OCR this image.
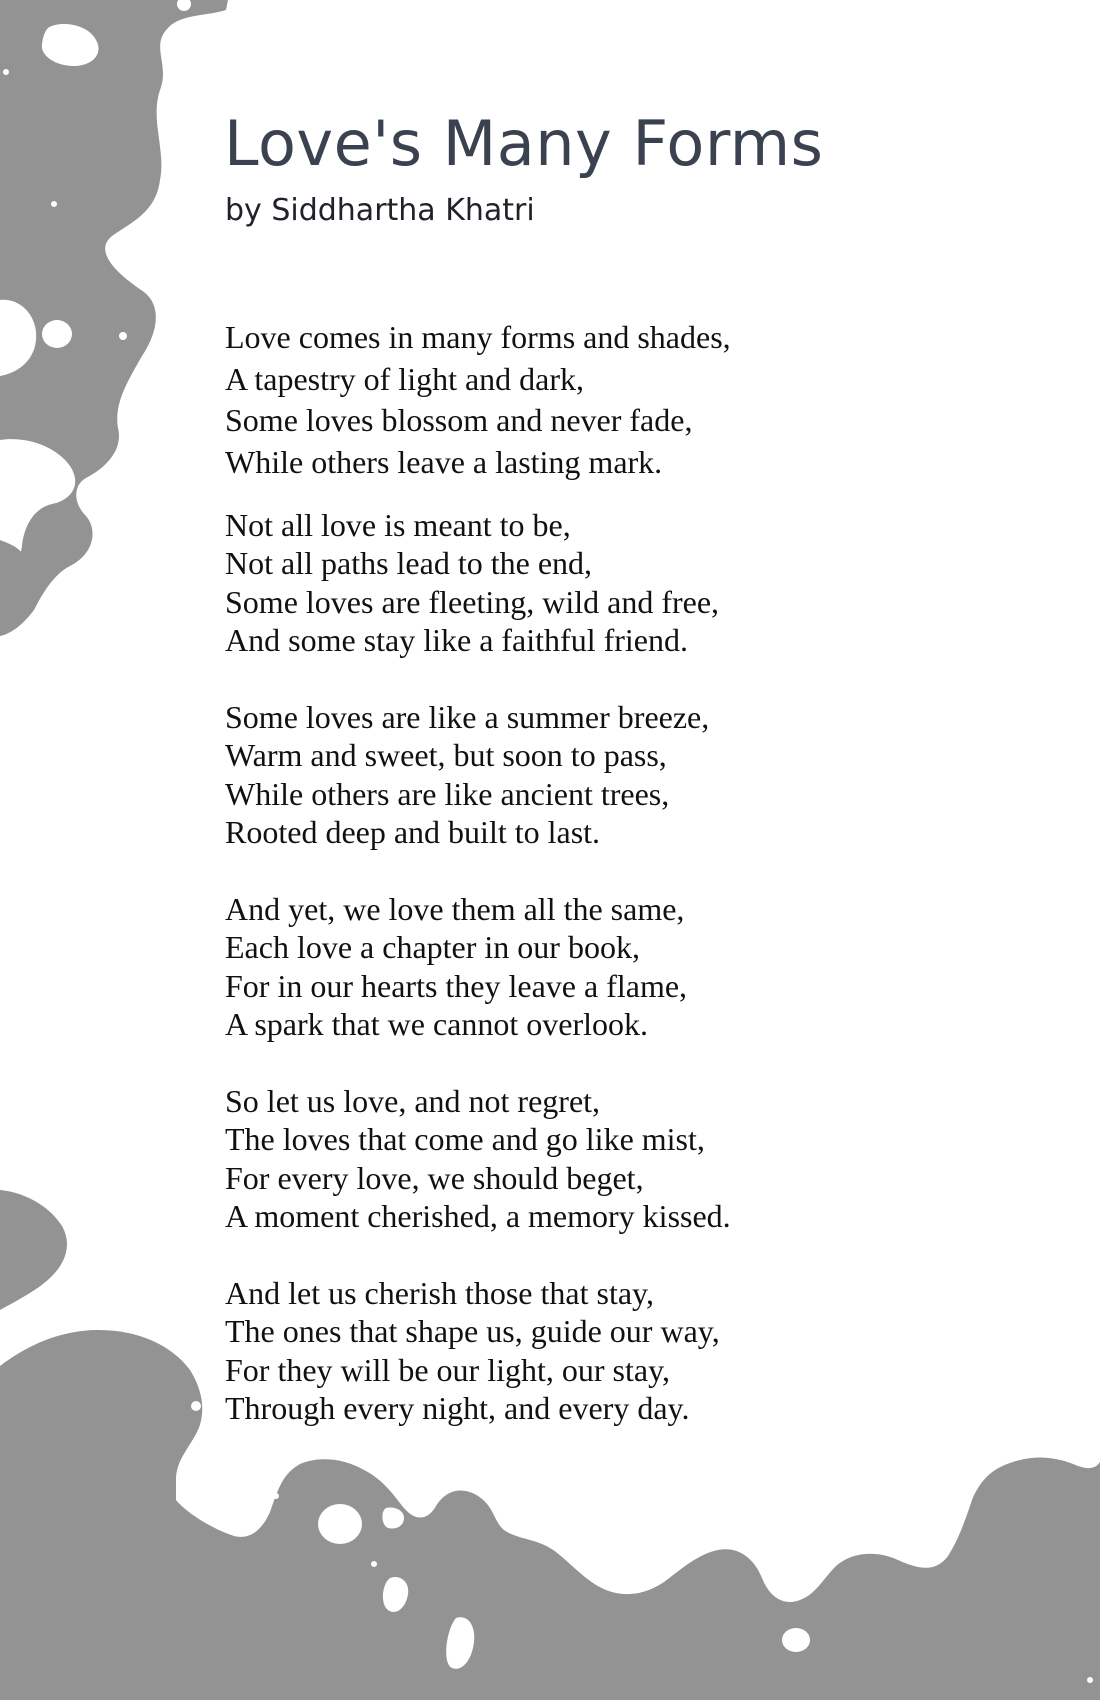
Love's Many Forms
by Siddhartha Khatri
Love comes in many forms and shades,
A tapestry of light and dark,
Some loves blossom and never fade,
While others leave a lasting mark.
Not all love is meant to be,
Not all paths lead to the end,
Some loves are fleeting, wild and free,
And some stay like a faithful friend.
Some loves are like a summer breeze,
Warm and sweet, but soon to pass,
While others are like ancient trees,
Rooted deep and built to last.
And yet, we love them all the same,
Each love a chapter in our book,
For in our hearts they leave a flame,
A spark that we cannot overlook.
So let us love, and not regret,
The loves that come and go like mist,
For every love, we should beget,
A moment cherished, a memory kissed.
And let us cherish those that stay,
The ones that shape us, guide our way,
For they will be our light, our stay,
Through every night, and every day.
